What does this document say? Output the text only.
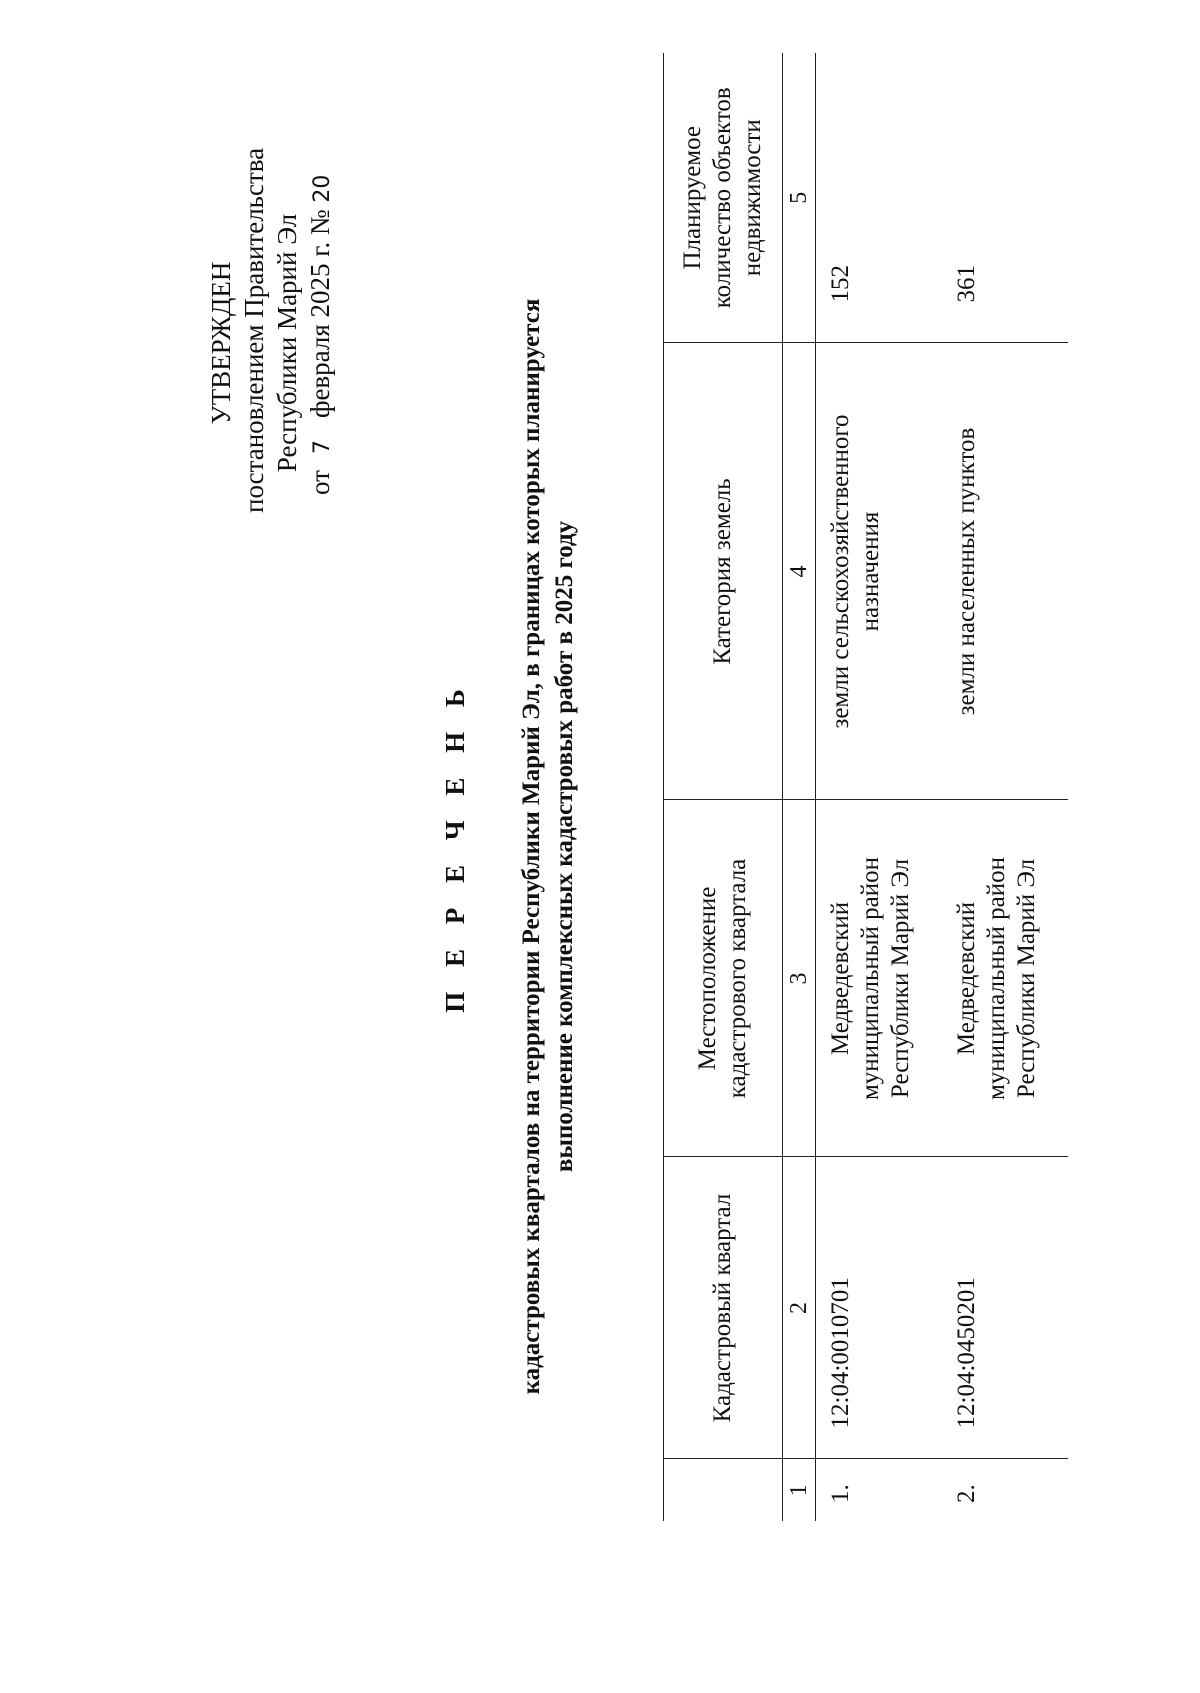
УТВЕРЖДЕН постановлением Правительства Республики Марий Эл
от7февраля 2025 г. № 20
П Е Р Е Ч Е Н Ь кадастровых кварталов на территории Республики Марий Эл, в границах которых планируется выполнение комплексных кадастровых работ в 2025 году
	Кадастровый квартал	Местоположение кадастрового квартала	Категория земель	Планируемое количество объектов недвижимости

1	2	3	4	5
1.	12:04:0010701	Медведевский муниципальный район Республики Марий Эл	земли сельскохозяйственного назначения	152
2.	12:04:0450201	Медведевский муниципальный район Республики Марий Эл	земли населенных пунктов	361
